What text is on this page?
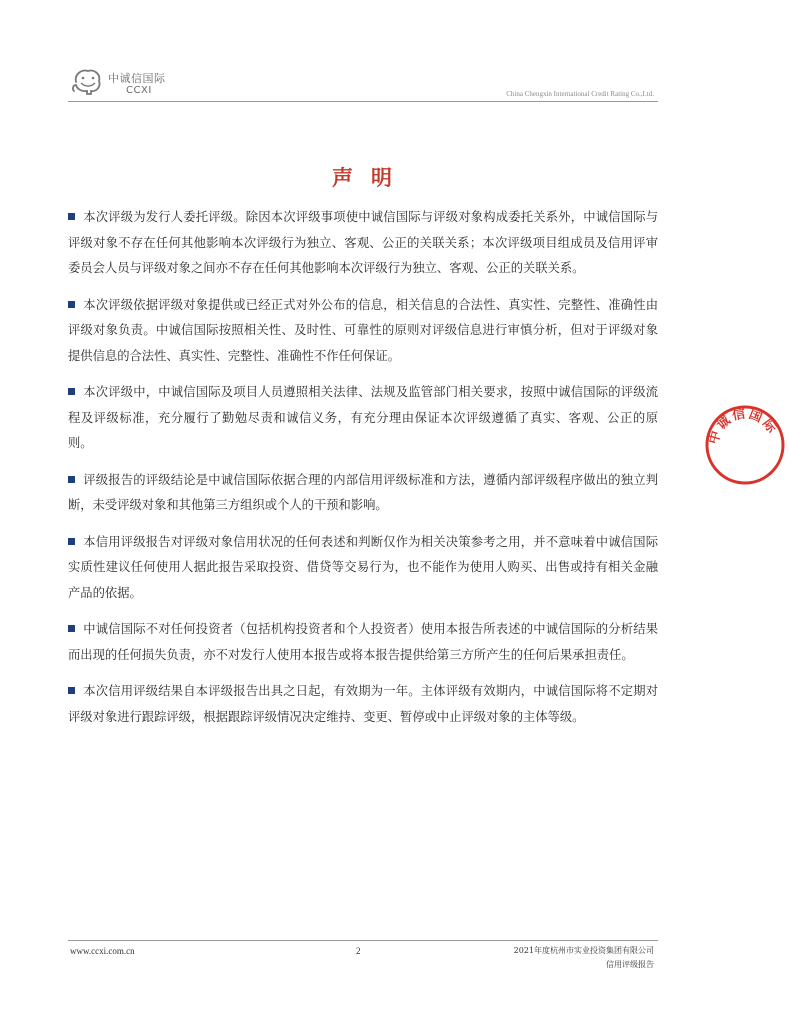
中诚信国际
CCXI	China Chengxin International Credit Rating Co.,Ltd.
声明

本次评级为发行人委托评级。除因本次评级事项使中诚信国际与评级对象构成委托关系外，中诚信国际与评级对象不存在任何其他影响本次评级行为独立、客观、公正的关联关系；本次评级项目组成员及信用评审委员会人员与评级对象之间亦不存在任何其他影响本次评级行为独立、客观、公正的关联关系。

本次评级依据评级对象提供或已经正式对外公布的信息，相关信息的合法性、真实性、完整性、准确性由评级对象负责。中诚信国际按照相关性、及时性、可靠性的原则对评级信息进行审慎分析，但对于评级对象提供信息的合法性、真实性、完整性、准确性不作任何保证。

本次评级中，中诚信国际及项目人员遵照相关法律、法规及监管部门相关要求，按照中诚信国际的评级流程及评级标准，充分履行了勤勉尽责和诚信义务，有充分理由保证本次评级遵循了真实、客观、公正的原则。

评级报告的评级结论是中诚信国际依据合理的内部信用评级标准和方法，遵循内部评级程序做出的独立判断，未受评级对象和其他第三方组织或个人的干预和影响。

本信用评级报告对评级对象信用状况的任何表述和判断仅作为相关决策参考之用，并不意味着中诚信国际实质性建议任何使用人据此报告采取投资、借贷等交易行为，也不能作为使用人购买、出售或持有相关金融产品的依据。

中诚信国际不对任何投资者（包括机构投资者和个人投资者）使用本报告所表述的中诚信国际的分析结果而出现的任何损失负责，亦不对发行人使用本报告或将本报告提供给第三方所产生的任何后果承担责任。

本次信用评级结果自本评级报告出具之日起，有效期为一年。主体评级有效期内，中诚信国际将不定期对评级对象进行跟踪评级，根据跟踪评级情况决定维持、变更、暂停或中止评级对象的主体等级。

中诚信国际
www.ccxi.com.cn	2	2021年度杭州市实业投资集团有限公司
信用评级报告
